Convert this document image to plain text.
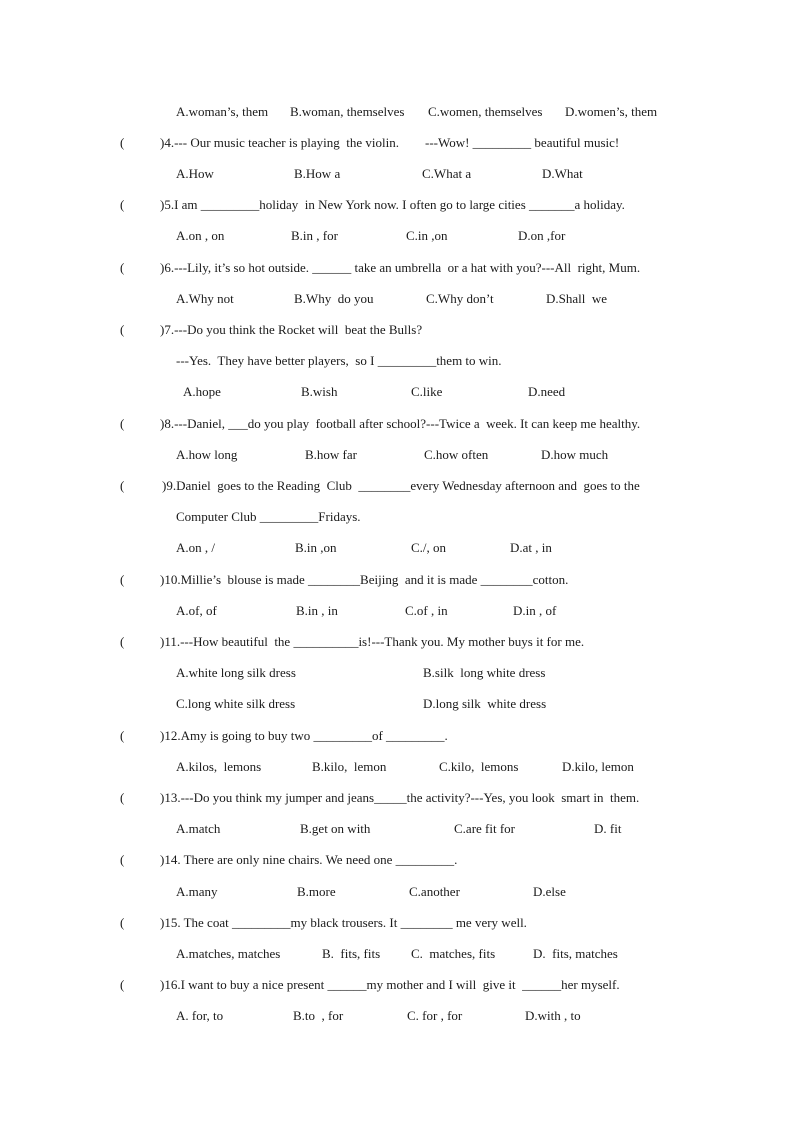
A.woman’s, them

B.woman, themselves

C.women, themselves

D.women’s, them

(

	)4.--- Our music teacher is playing  the violin.        ---Wow! _________ beautiful music!

A.How

	B.How a

	C.What a

	D.What

(

	)5.I am _________holiday  in New York now. I often go to large cities _______a holiday.

A.on , on

	B.in , for

	C.in ,on

	D.on ,for

(

	)6.---Lily, it’s so hot outside. ______ take an umbrella  or a hat with you?---All  right, Mum.

A.Why not

	B.Why  do you

	C.Why don’t

	D.Shall  we

(

	)7.---Do you think the Rocket will  beat the Bulls?

---Yes.  They have better players,  so I _________them to win.

A.hope

	B.wish

	C.like

	D.need

(

	)8.---Daniel, ___do you play  football after school?---Twice a  week. It can keep me healthy.

A.how long

	B.how far

	C.how often

	D.how much

(

	)9.Daniel  goes to the Reading  Club  ________every Wednesday afternoon and  goes to the

Computer Club _________Fridays.

A.on , /

	B.in ,on

	C./, on

	D.at , in

(

	)10.Millie’s  blouse is made ________Beijing  and it is made ________cotton.

A.of, of

	B.in , in

	C.of , in

	D.in , of

(

	)11.---How beautiful  the __________is!---Thank you. My mother buys it for me.

A.white long silk dress

	B.silk  long white dress

C.long white silk dress

	D.long silk  white dress

(

	)12.Amy is going to buy two _________of _________.

A.kilos,  lemons

	B.kilo,  lemon

	C.kilo,  lemons

	D.kilo, lemon

(

	)13.---Do you think my jumper and jeans_____the activity?---Yes, you look  smart in  them.

A.match

	B.get on with

	C.are fit for

	D. fit

(

	)14. There are only nine chairs. We need one _________.

A.many

	B.more

	C.another

	D.else

(

	)15. The coat _________my black trousers. It ________ me very well.

A.matches, matches

	B.  fits, fits

C.  matches, fits

	D.  fits, matches

(

	)16.I want to buy a nice present ______my mother and I will  give it  ______her myself.

A. for, to

	B.to  , for

	C. for , for

	D.with , to
